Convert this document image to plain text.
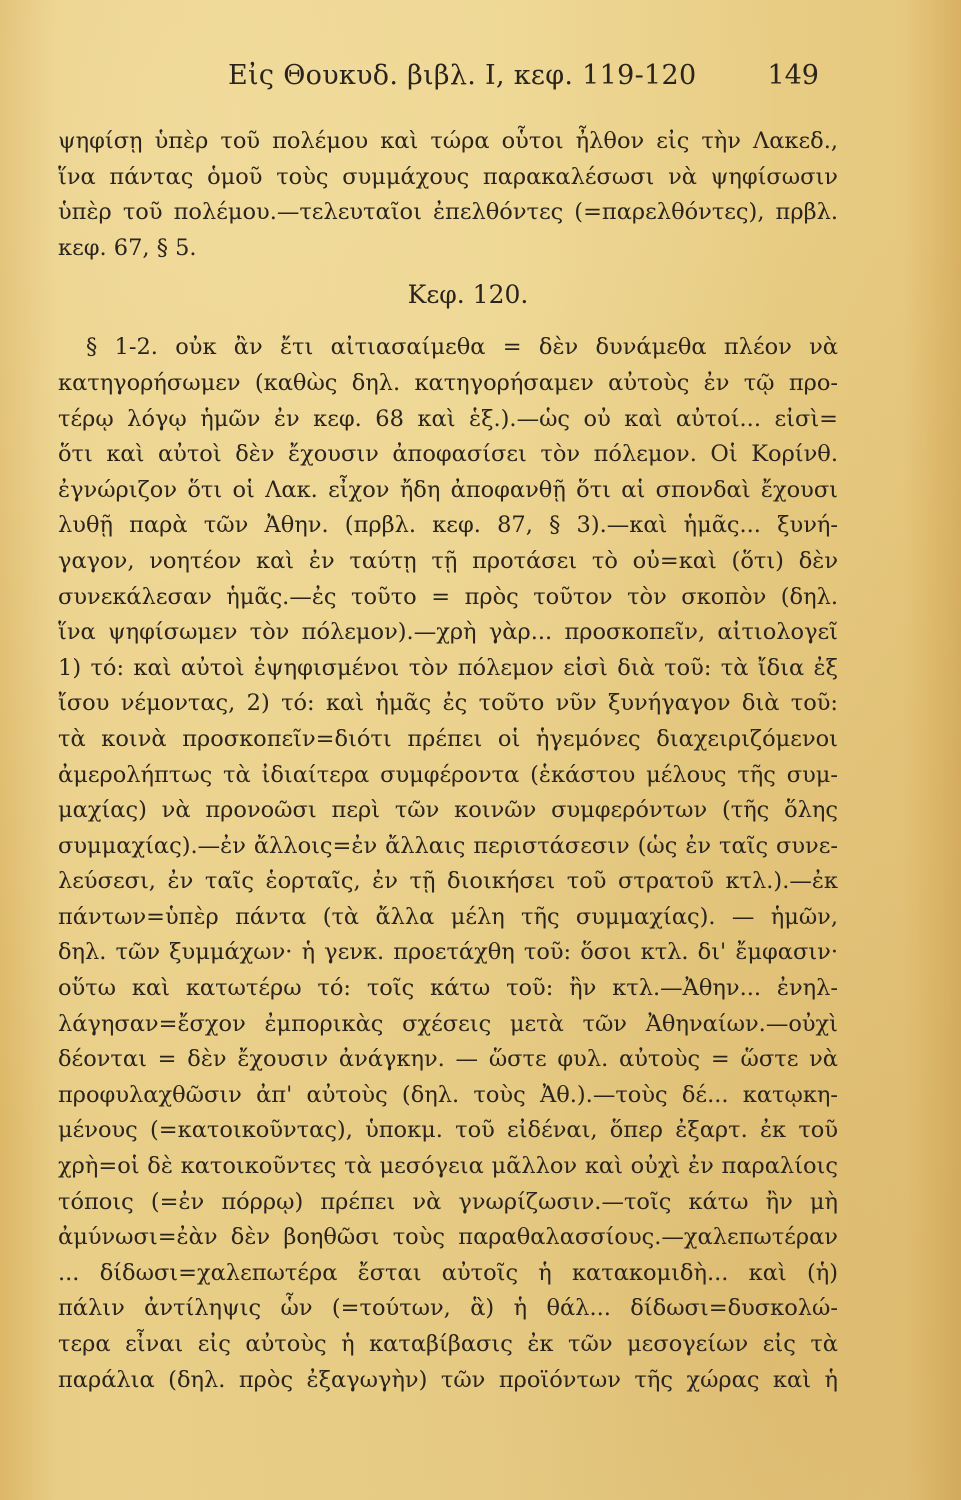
Εἰς Θουκυδ. βιβλ. Ι, κεφ. 119-120	149
ψηφίσῃ ὑπὲρ τοῦ πολέμου καὶ τώρα οὗτοι ἦλθον εἰς τὴν Λακεδ.,
ἵνα πάντας ὁμοῦ τοὺς συμμάχους παρακαλέσωσι νὰ ψηφίσωσιν
ὑπὲρ τοῦ πολέμου.—τελευταῖοι ἐπελθόντες (=παρελθόντες), πρβλ.
κεφ. 67, § 5.
Κεφ. 120.
§ 1-2. οὐκ ἂν ἔτι αἰτιασαίμεθα = δὲν δυνάμεθα πλέον νὰ
κατηγορήσωμεν (καθὼς δηλ. κατηγορήσαμεν αὐτοὺς ἐν τῷ προ-
τέρῳ λόγῳ ἡμῶν ἐν κεφ. 68 καὶ ἑξ.).—ὡς οὐ καὶ αὐτοί... εἰσὶ=
ὅτι καὶ αὐτοὶ δὲν ἔχουσιν ἀποφασίσει τὸν πόλεμον. Οἱ Κορίνθ.
ἐγνώριζον ὅτι οἱ Λακ. εἶχον ἤδη ἀποφανθῇ ὅτι αἱ σπονδαὶ ἔχουσι
λυθῇ παρὰ τῶν Ἀθην. (πρβλ. κεφ. 87, § 3).—καὶ ἡμᾶς... ξυνή-
γαγον, νοητέον καὶ ἐν ταύτῃ τῇ προτάσει τὸ οὐ=καὶ (ὅτι) δὲν
συνεκάλεσαν ἡμᾶς.—ἐς τοῦτο = πρὸς τοῦτον τὸν σκοπὸν (δηλ.
ἵνα ψηφίσωμεν τὸν πόλεμον).—χρὴ γὰρ... προσκοπεῖν, αἰτιολογεῖ
1) τό: καὶ αὐτοὶ ἐψηφισμένοι τὸν πόλεμον εἰσὶ διὰ τοῦ: τὰ ἴδια ἐξ
ἴσου νέμοντας, 2) τό: καὶ ἡμᾶς ἐς τοῦτο νῦν ξυνήγαγον διὰ τοῦ:
τὰ κοινὰ προσκοπεῖν=διότι πρέπει οἱ ἡγεμόνες διαχειριζόμενοι
ἀμερολήπτως τὰ ἰδιαίτερα συμφέροντα (ἑκάστου μέλους τῆς συμ-
μαχίας) νὰ προνοῶσι περὶ τῶν κοινῶν συμφερόντων (τῆς ὅλης
συμμαχίας).—ἐν ἄλλοις=ἐν ἄλλαις περιστάσεσιν (ὡς ἐν ταῖς συνε-
λεύσεσι, ἐν ταῖς ἑορταῖς, ἐν τῇ διοικήσει τοῦ στρατοῦ κτλ.).—ἐκ
πάντων=ὑπὲρ πάντα (τὰ ἄλλα μέλη τῆς συμμαχίας). — ἡμῶν,
δηλ. τῶν ξυμμάχων· ἡ γενκ. προετάχθη τοῦ: ὅσοι κτλ. δι' ἔμφασιν·
οὕτω καὶ κατωτέρω τό: τοῖς κάτω τοῦ: ἢν κτλ.—Ἀθην... ἐνηλ-
λάγησαν=ἔσχον ἐμπορικὰς σχέσεις μετὰ τῶν Ἀθηναίων.—οὐχὶ
δέονται = δὲν ἔχουσιν ἀνάγκην. — ὥστε φυλ. αὐτοὺς = ὥστε νὰ
προφυλαχθῶσιν ἀπ' αὐτοὺς (δηλ. τοὺς Ἀθ.).—τοὺς δέ... κατῳκη-
μένους (=κατοικοῦντας), ὑποκμ. τοῦ εἰδέναι, ὅπερ ἐξαρτ. ἐκ τοῦ
χρὴ=οἱ δὲ κατοικοῦντες τὰ μεσόγεια μᾶλλον καὶ οὐχὶ ἐν παραλίοις
τόποις (=ἐν πόρρῳ) πρέπει νὰ γνωρίζωσιν.—τοῖς κάτω ἢν μὴ
ἀμύνωσι=ἐὰν δὲν βοηθῶσι τοὺς παραθαλασσίους.—χαλεπωτέραν
... δίδωσι=χαλεπωτέρα ἔσται αὐτοῖς ἡ κατακομιδὴ... καὶ (ἡ)
πάλιν ἀντίληψις ὧν (=τούτων, ἃ) ἡ θάλ... δίδωσι=δυσκολώ-
τερα εἶναι εἰς αὐτοὺς ἡ καταβίβασις ἐκ τῶν μεσογείων εἰς τὰ
παράλια (δηλ. πρὸς ἐξαγωγὴν) τῶν προϊόντων τῆς χώρας καὶ ἡ
